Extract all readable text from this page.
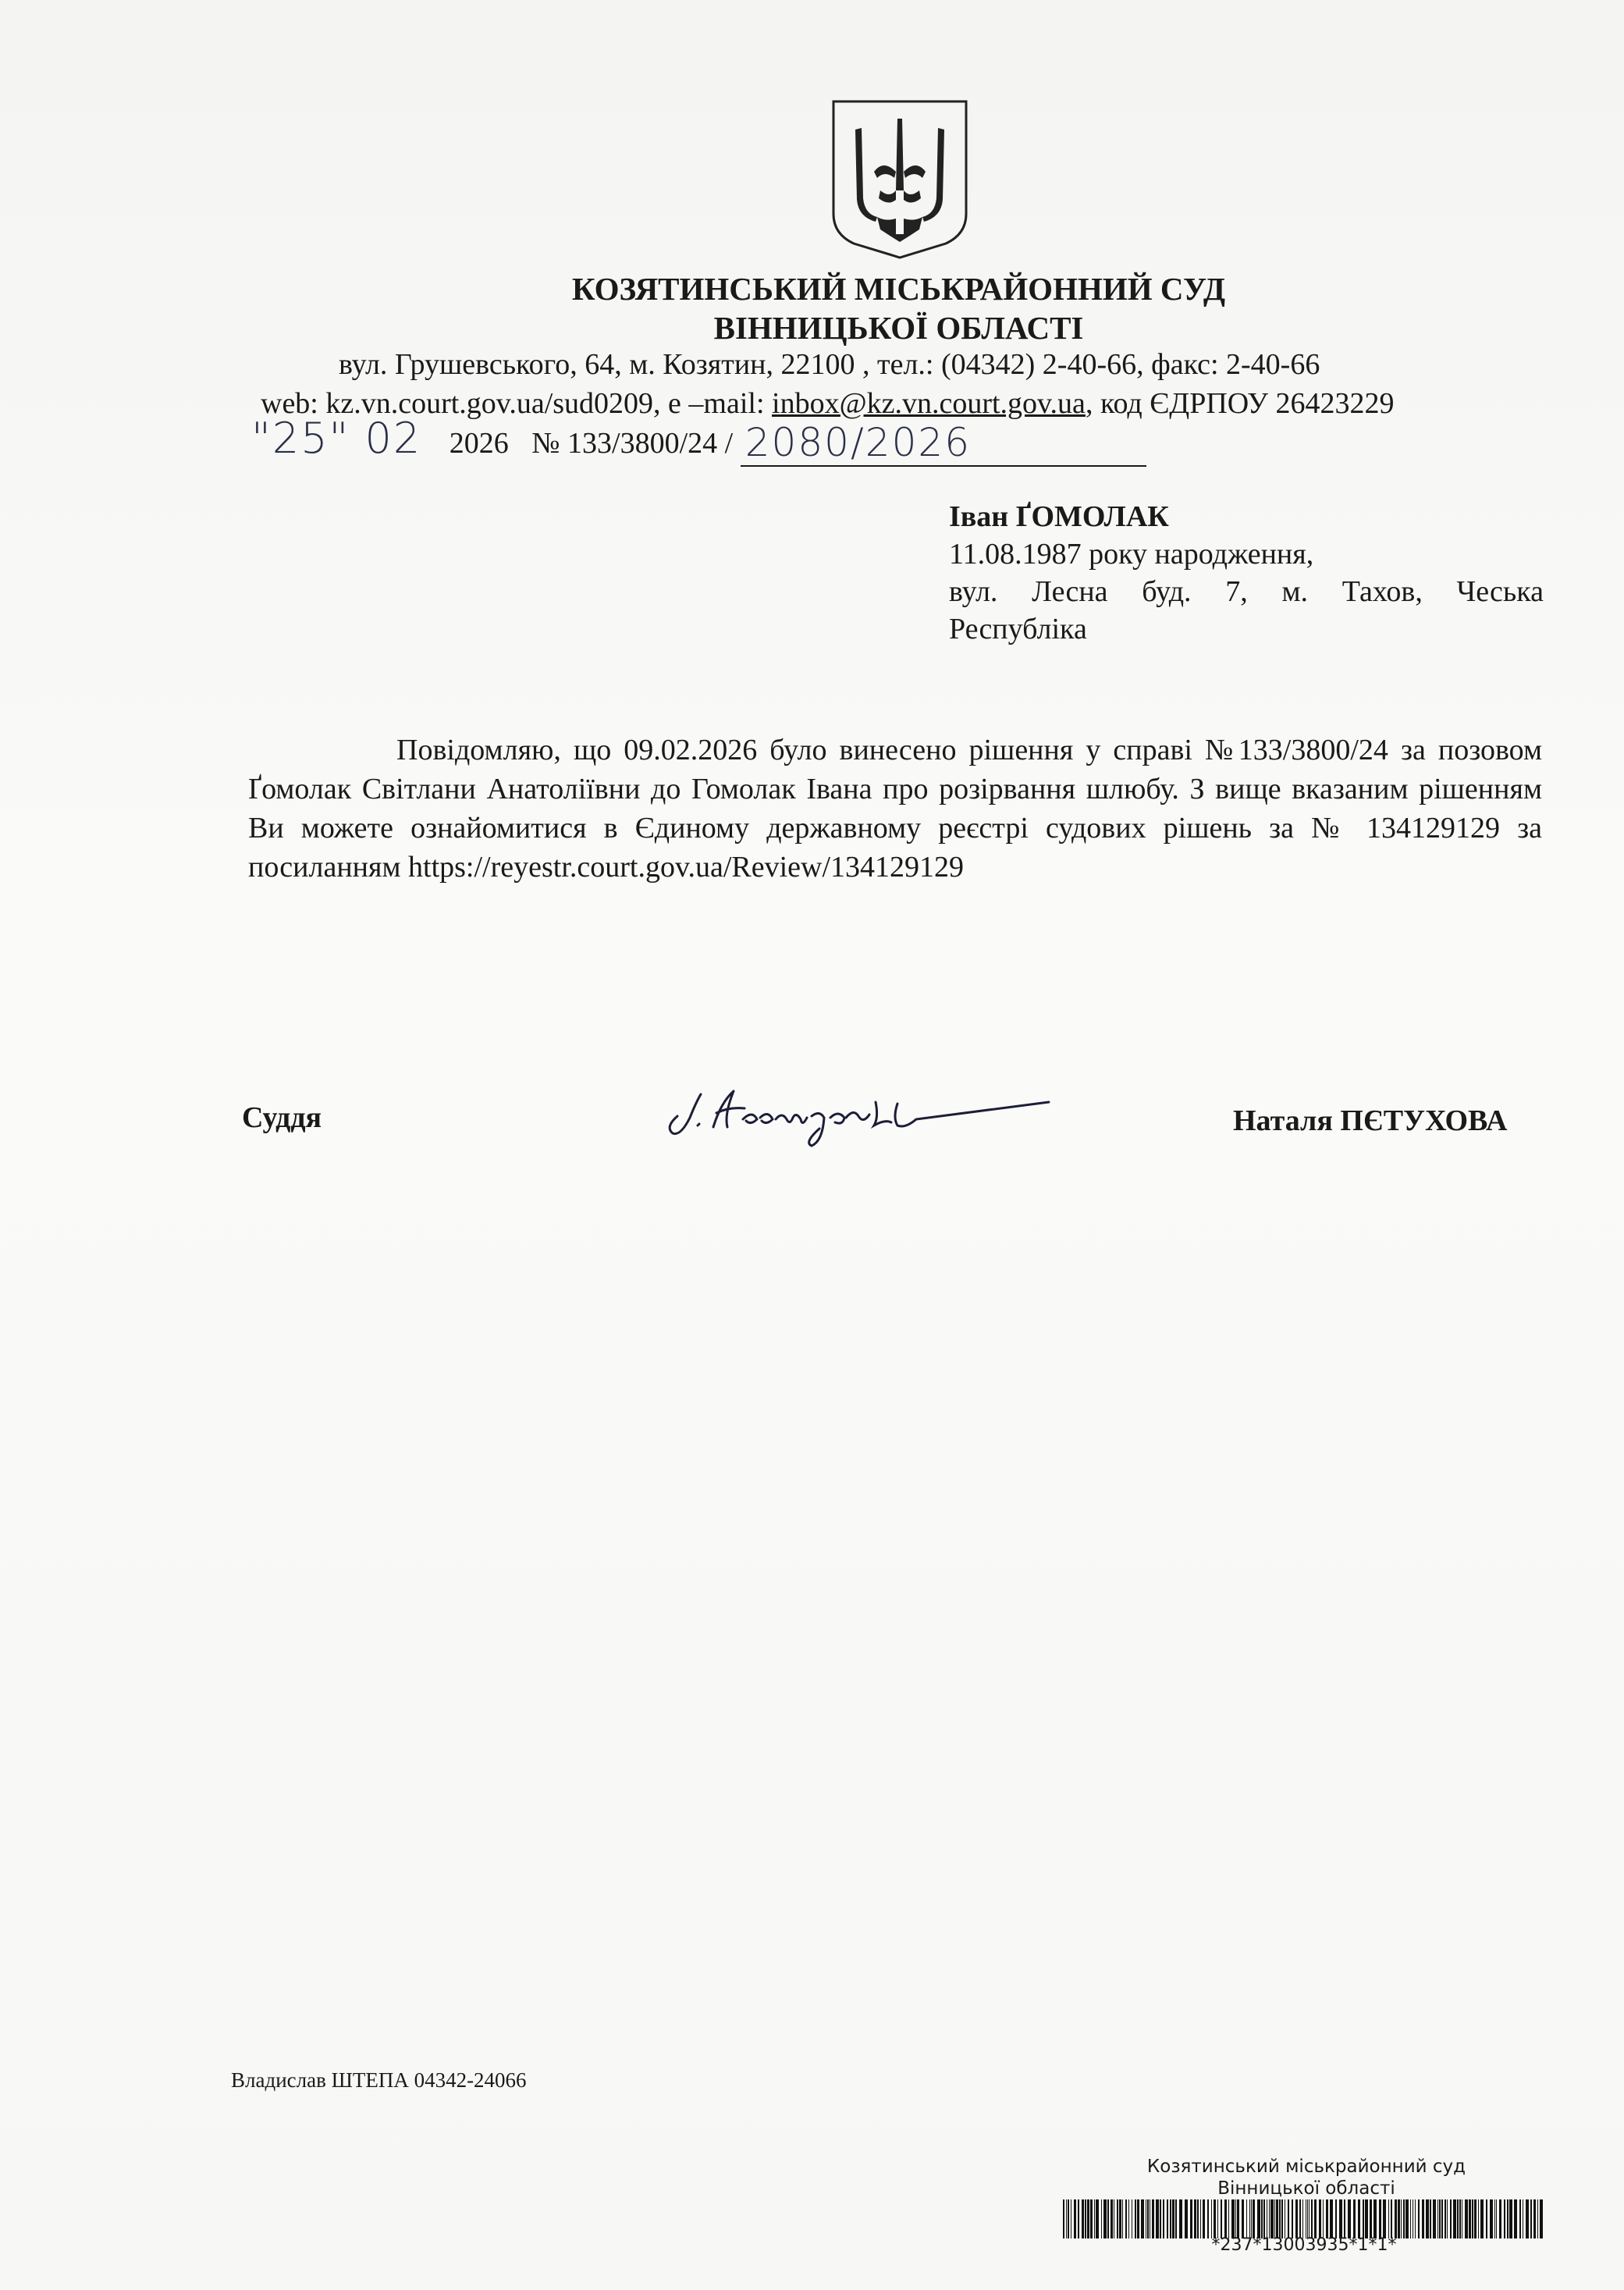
КОЗЯТИНСЬКИЙ МІСЬКРАЙОННИЙ СУД
ВІННИЦЬКОЇ ОБЛАСТІ
вул. Грушевського, 64, м. Козятин, 22100 , тел.: (04342) 2-40-66, факс: 2-40-66
web: kz.vn.court.gov.ua/sud0209, е –mail: inbox@kz.vn.court.gov.ua, код ЄДРПОУ 26423229
"25" 02 2026 № 133/3800/24 / 2080/2026
Іван ҐОМОЛАК
11.08.1987 року народження,
вул. Лесна буд. 7, м. Тахов, Чеська
Республіка

Повідомляю, що 09.02.2026 було винесено рішення у справі №133/3800/24 за позовом Ґомолак Світлани Анатоліївни до Гомолак Івана про розірвання шлюбу. З вище вказаним рішенням Ви можете ознайомитися в Єдиному державному реєстрі судових рішень за № 134129129 за посиланням https://reyestr.court.gov.ua/Review/134129129

Суддя	Наталя ПЄТУХОВА
Владислав ШТЕПА 04342-24066
Козятинський міськрайонний суд
Вінницької області
*237*13003935*1*1*
